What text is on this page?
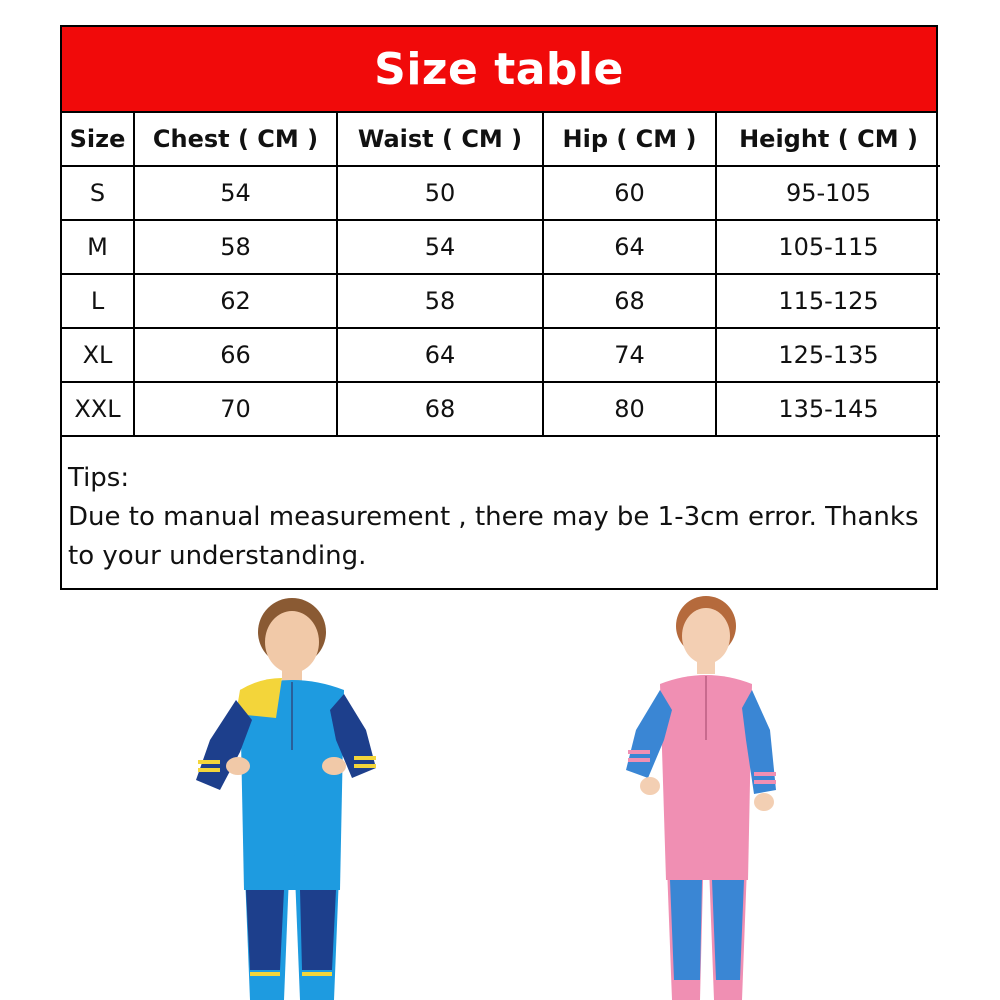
Size table
Size	Chest ( CM )	Waist ( CM )	Hip ( CM )	Height ( CM )
S	54	50	60	95-105
M	58	54	64	105-115
L	62	58	68	115-125
XL	66	64	74	125-135
XXL	70	68	80	135-145

Tips:

Due to manual measurement , there may be 1-3cm error. Thanks to your understanding.
